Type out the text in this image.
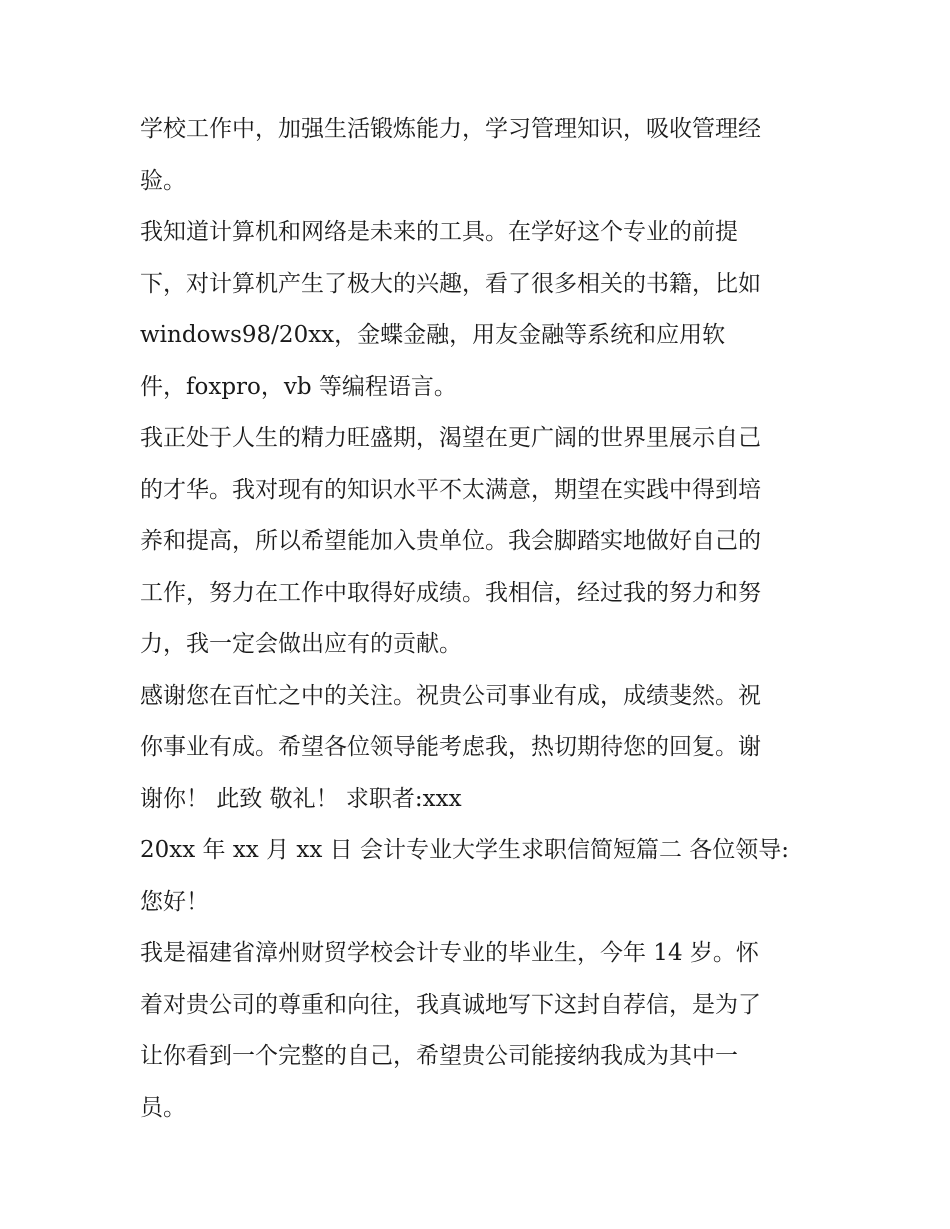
学校工作中，加强生活锻炼能力，学习管理知识，吸收管理经
验。
我知道计算机和网络是未来的工具。在学好这个专业的前提
下，对计算机产生了极大的兴趣，看了很多相关的书籍，比如
windows98/20xx，金蝶金融，用友金融等系统和应用软
件，foxpro，vb 等编程语言。
我正处于人生的精力旺盛期，渴望在更广阔的世界里展示自己
的才华。我对现有的知识水平不太满意，期望在实践中得到培
养和提高，所以希望能加入贵单位。我会脚踏实地做好自己的
工作，努力在工作中取得好成绩。我相信，经过我的努力和努
力，我一定会做出应有的贡献。
感谢您在百忙之中的关注。祝贵公司事业有成，成绩斐然。祝
你事业有成。希望各位领导能考虑我，热切期待您的回复。谢
谢你！ 此致 敬礼！ 求职者:xxx
20xx 年 xx 月 xx 日 会计专业大学生求职信简短篇二 各位领导:
您好！
我是福建省漳州财贸学校会计专业的毕业生，今年 14 岁。怀
着对贵公司的尊重和向往，我真诚地写下这封自荐信，是为了
让你看到一个完整的自己，希望贵公司能接纳我成为其中一
员。
